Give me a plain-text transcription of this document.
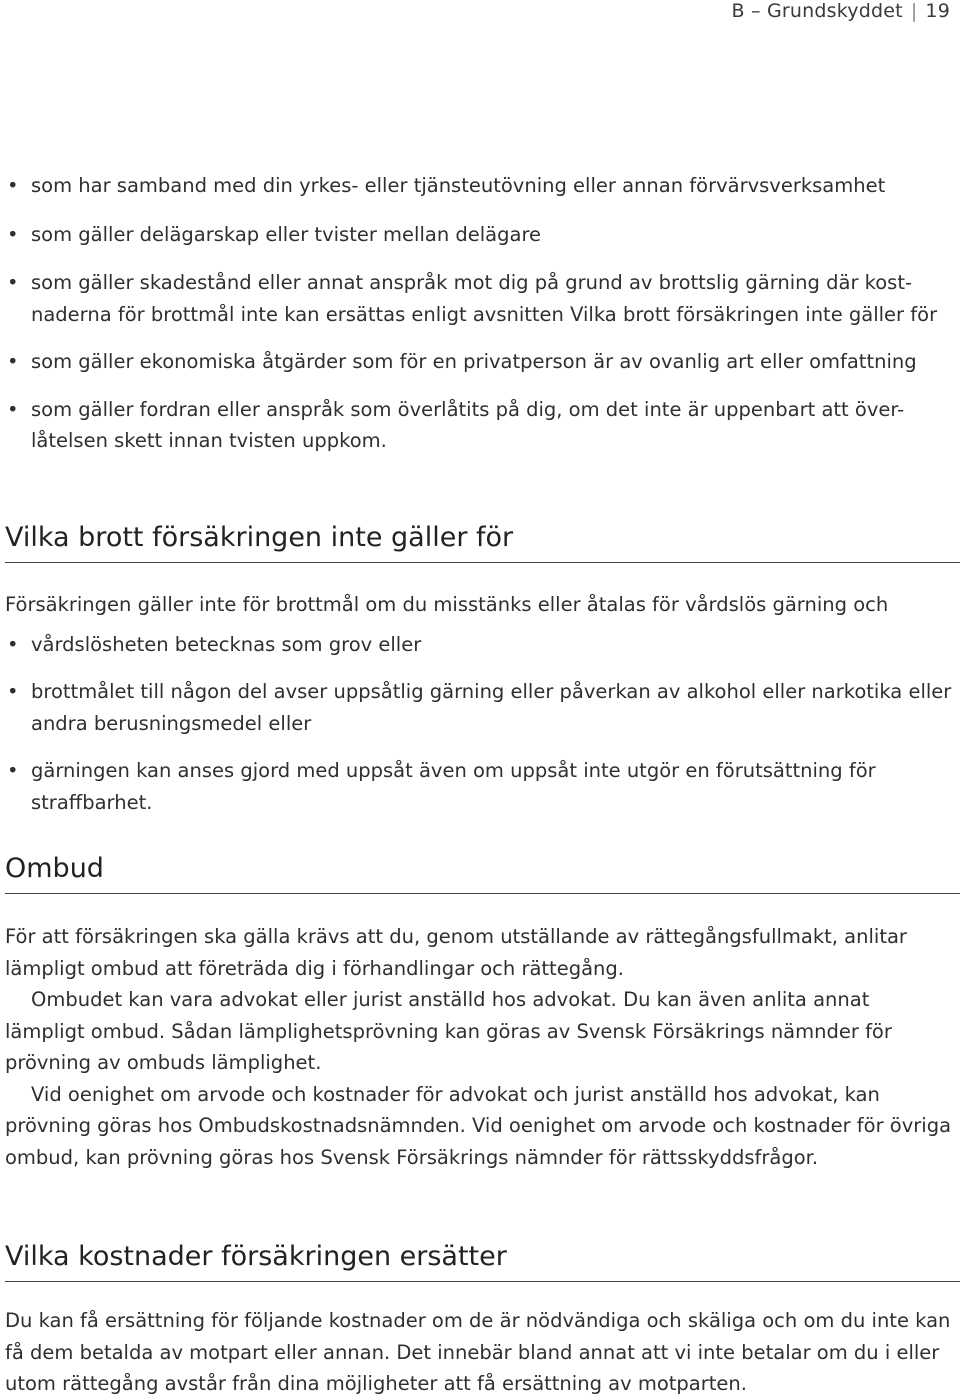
B – Grundskyddet | 19
• som har samband med din yrkes- eller tjänsteutövning eller annan förvärvsverksamhet
• som gäller delägarskap eller tvister mellan delägare
• som gäller skadestånd eller annat anspråk mot dig på grund av brottslig gärning där kost-naderna för brottmål inte kan ersättas enligt avsnitten Vilka brott försäkringen inte gäller för
• som gäller ekonomiska åtgärder som för en privatperson är av ovanlig art eller omfattning
• som gäller fordran eller anspråk som överlåtits på dig, om det inte är uppenbart att över-låtelsen skett innan tvisten uppkom.
Vilka brott försäkringen inte gäller för

Försäkringen gäller inte för brottmål om du misstänks eller åtalas för vårdslös gärning och

• vårdslösheten betecknas som grov eller
• brottmålet till någon del avser uppsåtlig gärning eller påverkan av alkohol eller narkotika eller andra berusningsmedel eller
• gärningen kan anses gjord med uppsåt även om uppsåt inte utgör en förutsättning för straffbarhet.
Ombud

För att försäkringen ska gälla krävs att du, genom utställande av rättegångsfullmakt, anlitar lämpligt ombud att företräda dig i förhandlingar och rättegång.

Ombudet kan vara advokat eller jurist anställd hos advokat. Du kan även anlita annat lämpligt ombud. Sådan lämplighetsprövning kan göras av Svensk Försäkrings nämnder för prövning av ombuds lämplighet.

Vid oenighet om arvode och kostnader för advokat och jurist anställd hos advokat, kan prövning göras hos Ombudskostnadsnämnden. Vid oenighet om arvode och kostnader för övriga ombud, kan prövning göras hos Svensk Försäkrings nämnder för rättsskyddsfrågor.

Vilka kostnader försäkringen ersätter

Du kan få ersättning för följande kostnader om de är nödvändiga och skäliga och om du inte kan få dem betalda av motpart eller annan. Det innebär bland annat att vi inte betalar om du i eller utom rättegång avstår från dina möjligheter att få ersättning av motparten.
